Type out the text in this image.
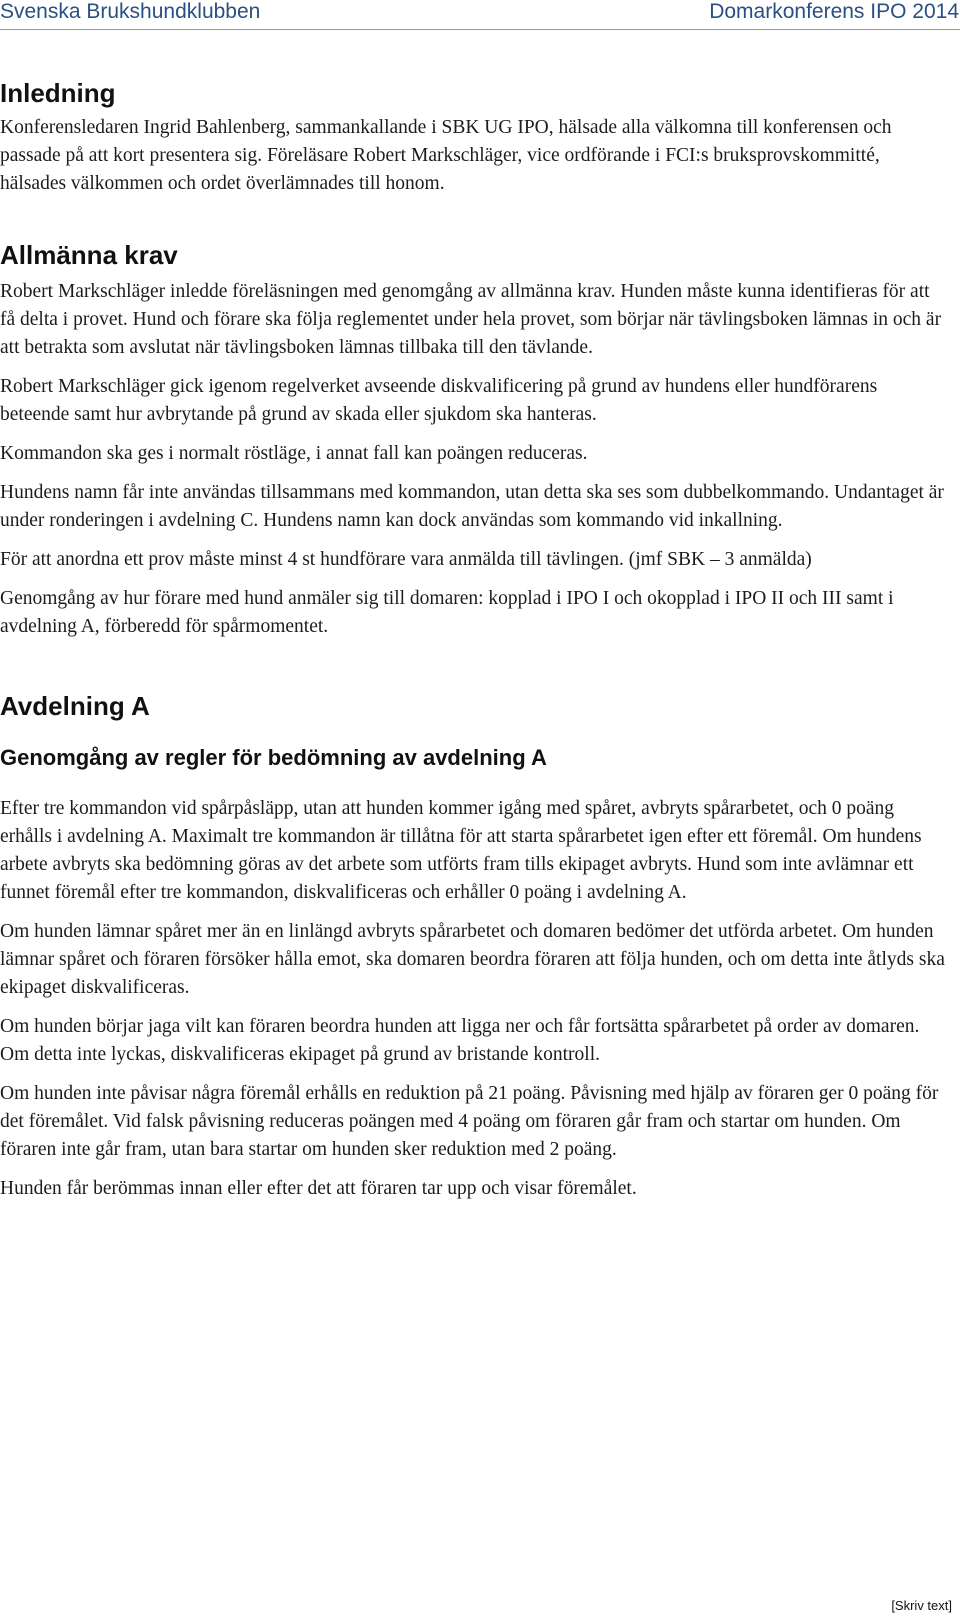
Svenska Brukshundklubben	Domarkonferens IPO 2014
Inledning

Konferensledaren Ingrid Bahlenberg, sammankallande i SBK UG IPO, hälsade alla välkomna till konferensen och passade på att kort presentera sig. Föreläsare Robert Markschläger, vice ordförande i FCI:s bruksprovskommitté, hälsades välkommen och ordet överlämnades till honom.

Allmänna krav

Robert Markschläger inledde föreläsningen med genomgång av allmänna krav. Hunden måste kunna identifieras för att få delta i provet. Hund och förare ska följa reglementet under hela provet, som börjar när tävlingsboken lämnas in och är att betrakta som avslutat när tävlingsboken lämnas tillbaka till den tävlande.

Robert Markschläger gick igenom regelverket avseende diskvalificering på grund av hundens eller hundförarens beteende samt hur avbrytande på grund av skada eller sjukdom ska hanteras.

Kommandon ska ges i normalt röstläge, i annat fall kan poängen reduceras.

Hundens namn får inte användas tillsammans med kommandon, utan detta ska ses som dubbelkommando. Undantaget är under ronderingen i avdelning C. Hundens namn kan dock användas som kommando vid inkallning.

För att anordna ett prov måste minst 4 st hundförare vara anmälda till tävlingen. (jmf SBK – 3 anmälda)

Genomgång av hur förare med hund anmäler sig till domaren: kopplad i IPO I och okopplad i IPO II och III samt i avdelning A, förberedd för spårmomentet.

Avdelning A
Genomgång av regler för bedömning av avdelning A

Efter tre kommandon vid spårpåsläpp, utan att hunden kommer igång med spåret, avbryts spårarbetet, och 0 poäng erhålls i avdelning A. Maximalt tre kommandon är tillåtna för att starta spårarbetet igen efter ett föremål. Om hundens arbete avbryts ska bedömning göras av det arbete som utförts fram tills ekipaget avbryts. Hund som inte avlämnar ett funnet föremål efter tre kommandon, diskvalificeras och erhåller 0 poäng i avdelning A.

Om hunden lämnar spåret mer än en linlängd avbryts spårarbetet och domaren bedömer det utförda arbetet. Om hunden lämnar spåret och föraren försöker hålla emot, ska domaren beordra föraren att följa hunden, och om detta inte åtlyds ska ekipaget diskvalificeras.

Om hunden börjar jaga vilt kan föraren beordra hunden att ligga ner och får fortsätta spårarbetet på order av domaren. Om detta inte lyckas, diskvalificeras ekipaget på grund av bristande kontroll.

Om hunden inte påvisar några föremål erhålls en reduktion på 21 poäng. Påvisning med hjälp av föraren ger 0 poäng för det föremålet. Vid falsk påvisning reduceras poängen med 4 poäng om föraren går fram och startar om hunden. Om föraren inte går fram, utan bara startar om hunden sker reduktion med 2 poäng.

Hunden får berömmas innan eller efter det att föraren tar upp och visar föremålet.

[Skriv text]
